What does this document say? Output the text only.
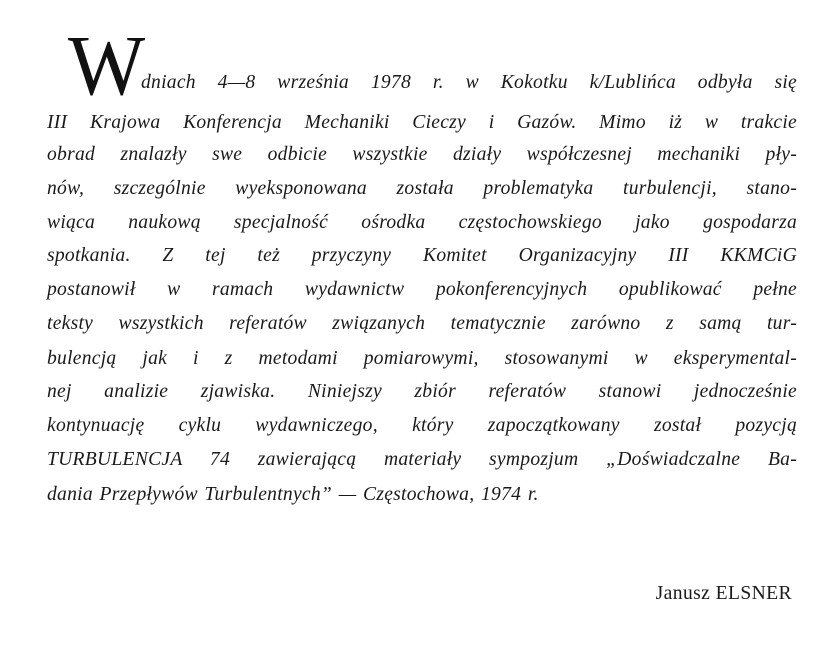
W dniach 4—8 września 1978 r. w Kokotku k/Lublińca odbyła się
III Krajowa Konferencja Mechaniki Cieczy i Gazów. Mimo iż w trakcie
obrad znalazły swe odbicie wszystkie działy współczesnej mechaniki pły-
nów, szczególnie wyeksponowana została problematyka turbulencji, stano-
wiąca naukową specjalność ośrodka częstochowskiego jako gospodarza
spotkania. Z tej też przyczyny Komitet Organizacyjny III KKMCiG
postanowił w ramach wydawnictw pokonferencyjnych opublikować pełne
teksty wszystkich referatów związanych tematycznie zarówno z samą tur-
bulencją jak i z metodami pomiarowymi, stosowanymi w eksperymental-
nej analizie zjawiska. Niniejszy zbiór referatów stanowi jednocześnie
kontynuację cyklu wydawniczego, który zapoczątkowany został pozycją
TURBULENCJA 74 zawierającą materiały sympozjum „Doświadczalne Ba-
dania Przepływów Turbulentnych” — Częstochowa, 1974 r.
Janusz ELSNER
